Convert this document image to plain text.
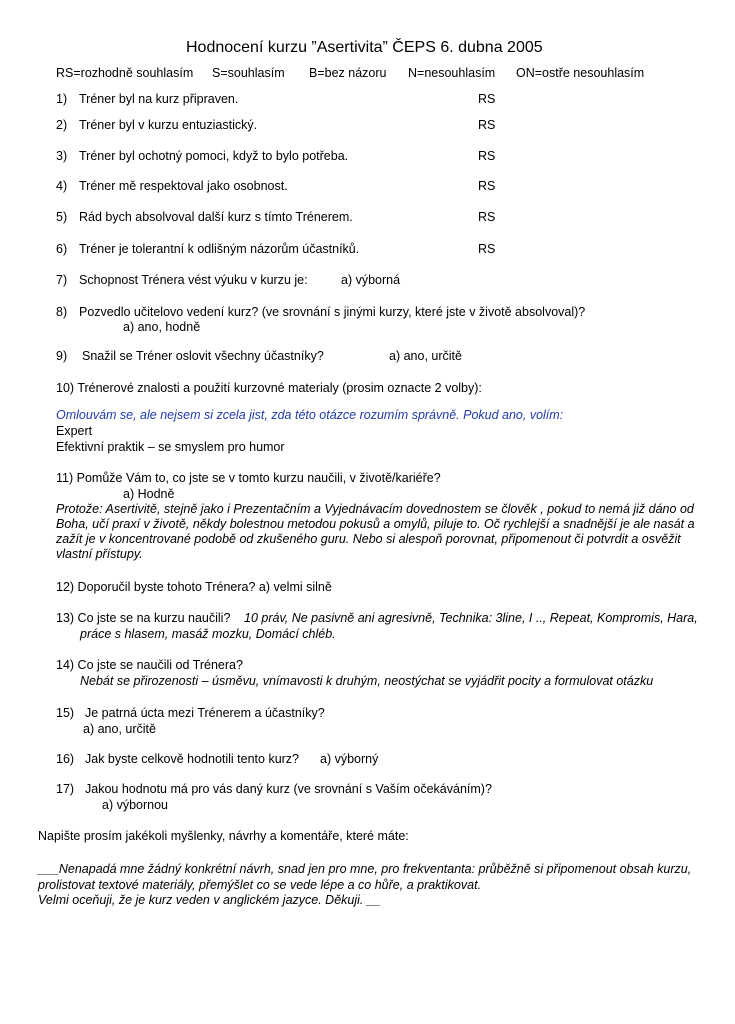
Hodnocení kurzu ”Asertivita” ČEPS 6. dubna 2005
RS=rozhodně souhlasím S=souhlasím B=bez názoru N=nesouhlasím ON=ostře nesouhlasím
1) Tréner byl na kurz připraven.	RS
2) Tréner byl v kurzu entuziastický.	RS
3) Tréner byl ochotný pomoci, když to bylo potřeba.	RS
4) Tréner mě respektoval jako osobnost.	RS
5) Rád bych absolvoval další kurz s tímto Trénerem.	RS
6) Tréner je tolerantní k odlišným názorům účastníků.	RS
7) Schopnost Trénera vést výuku v kurzu je:	a) výborná
8) Pozvedlo učitelovo vedení kurz? (ve srovnání s jinými kurzy, které jste v životě absolvoval)?
a) ano, hodně
9) Snažil se Tréner oslovit všechny účastníky?	a) ano, určitě
10) Trénerové znalosti a použití kurzovné materialy (prosim oznacte 2 volby):
Omlouvám se, ale nejsem si zcela jist, zda této otázce rozumím správně. Pokud ano, volím:
Expert
Efektivní praktik – se smyslem pro humor
11) Pomůže Vám to, co jste se v tomto kurzu naučili, v životě/kariéře?
a) Hodně
Protože: Asertivitě, stejně jako i Prezentačním a Vyjednávacím dovednostem se člověk , pokud to nemá již dáno od Boha, učí praxí v životě, někdy bolestnou metodou pokusů a omylů, piluje to. Oč rychlejší a snadnější je ale nasát a zažít je v koncentrované podobě od zkušeného guru. Nebo si alespoň porovnat, připomenout či potvrdit a osvěžit vlastní přístupy.
12) Doporučil byste tohoto Trénera? a) velmi silně
13) Co jste se na kurzu naučili? 10 práv, Ne pasivně ani agresivně, Technika: 3line, I .., Repeat, Kompromis, Hara,
práce s hlasem, masáž mozku, Domácí chléb.
14) Co jste se naučili od Trénera?
Nebát se přirozenosti – úsměvu, vnímavosti k druhým, neostýchat se vyjádřit pocity a formulovat otázku
15) Je patrná úcta mezi Trénerem a účastníky?
a) ano, určitě
16) Jak byste celkově hodnotili tento kurz? a) výborný
17) Jakou hodnotu má pro vás daný kurz (ve srovnání s Vaším očekáváním)?
a) výbornou
Napište prosím jakékoli myšlenky, návrhy a komentáře, které máte:
___Nenapadá mne žádný konkrétní návrh, snad jen pro mne, pro frekventanta: průběžně si připomenout obsah kurzu,
prolistovat textové materiály, přemýšlet co se vede lépe a co hůře, a praktikovat.
Velmi oceňuji, že je kurz veden v anglickém jazyce. Děkuji. __
